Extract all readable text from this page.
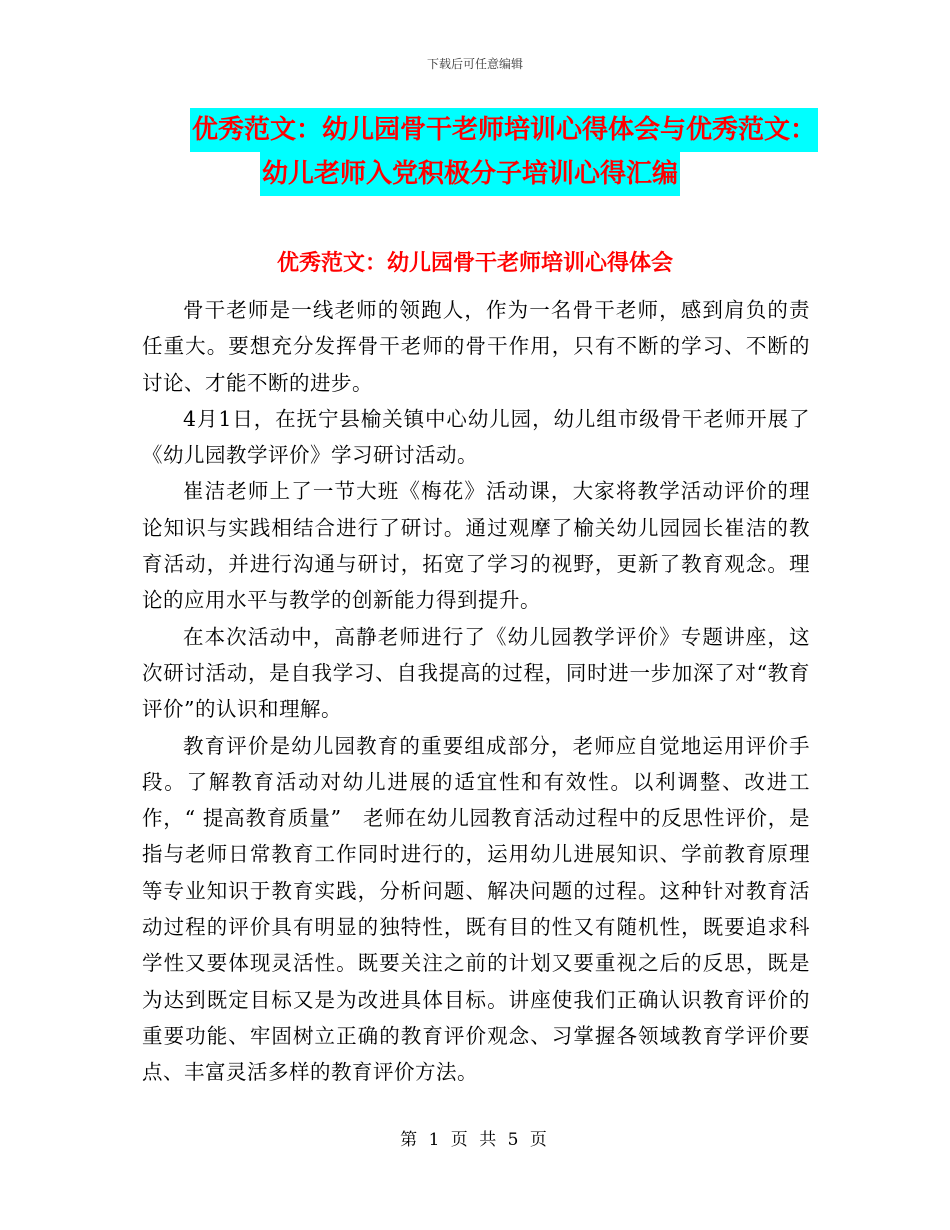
下载后可任意编辑
优秀范文：幼儿园骨干老师培训心得体会与优秀范文：
幼儿老师入党积极分子培训心得汇编
优秀范文：幼儿园骨干老师培训心得体会

骨干老师是一线老师的领跑人，作为一名骨干老师，感到肩负的责任重大。要想充分发挥骨干老师的骨干作用，只有不断的学习、不断的讨论、才能不断的进步。

4月1日，在抚宁县榆关镇中心幼儿园，幼儿组市级骨干老师开展了《幼儿园教学评价》学习研讨活动。

崔洁老师上了一节大班《梅花》活动课，大家将教学活动评价的理论知识与实践相结合进行了研讨。通过观摩了榆关幼儿园园长崔洁的教育活动，并进行沟通与研讨，拓宽了学习的视野，更新了教育观念。理论的应用水平与教学的创新能力得到提升。

在本次活动中，高静老师进行了《幼儿园教学评价》专题讲座，这次研讨活动，是自我学习、自我提高的过程，同时进一步加深了对“教育评价”的认识和理解。

教育评价是幼儿园教育的重要组成部分，老师应自觉地运用评价手段。了解教育活动对幼儿进展的适宜性和有效性。以利调整、改进工作，“ 提高教育质量”　老师在幼儿园教育活动过程中的反思性评价，是指与老师日常教育工作同时进行的，运用幼儿进展知识、学前教育原理等专业知识于教育实践，分析问题、解决问题的过程。这种针对教育活动过程的评价具有明显的独特性，既有目的性又有随机性，既要追求科学性又要体现灵活性。既要关注之前的计划又要重视之后的反思，既是为达到既定目标又是为改进具体目标。讲座使我们正确认识教育评价的重要功能、牢固树立正确的教育评价观念、习掌握各领域教育学评价要点、丰富灵活多样的教育评价方法。

第 1 页 共 5 页
